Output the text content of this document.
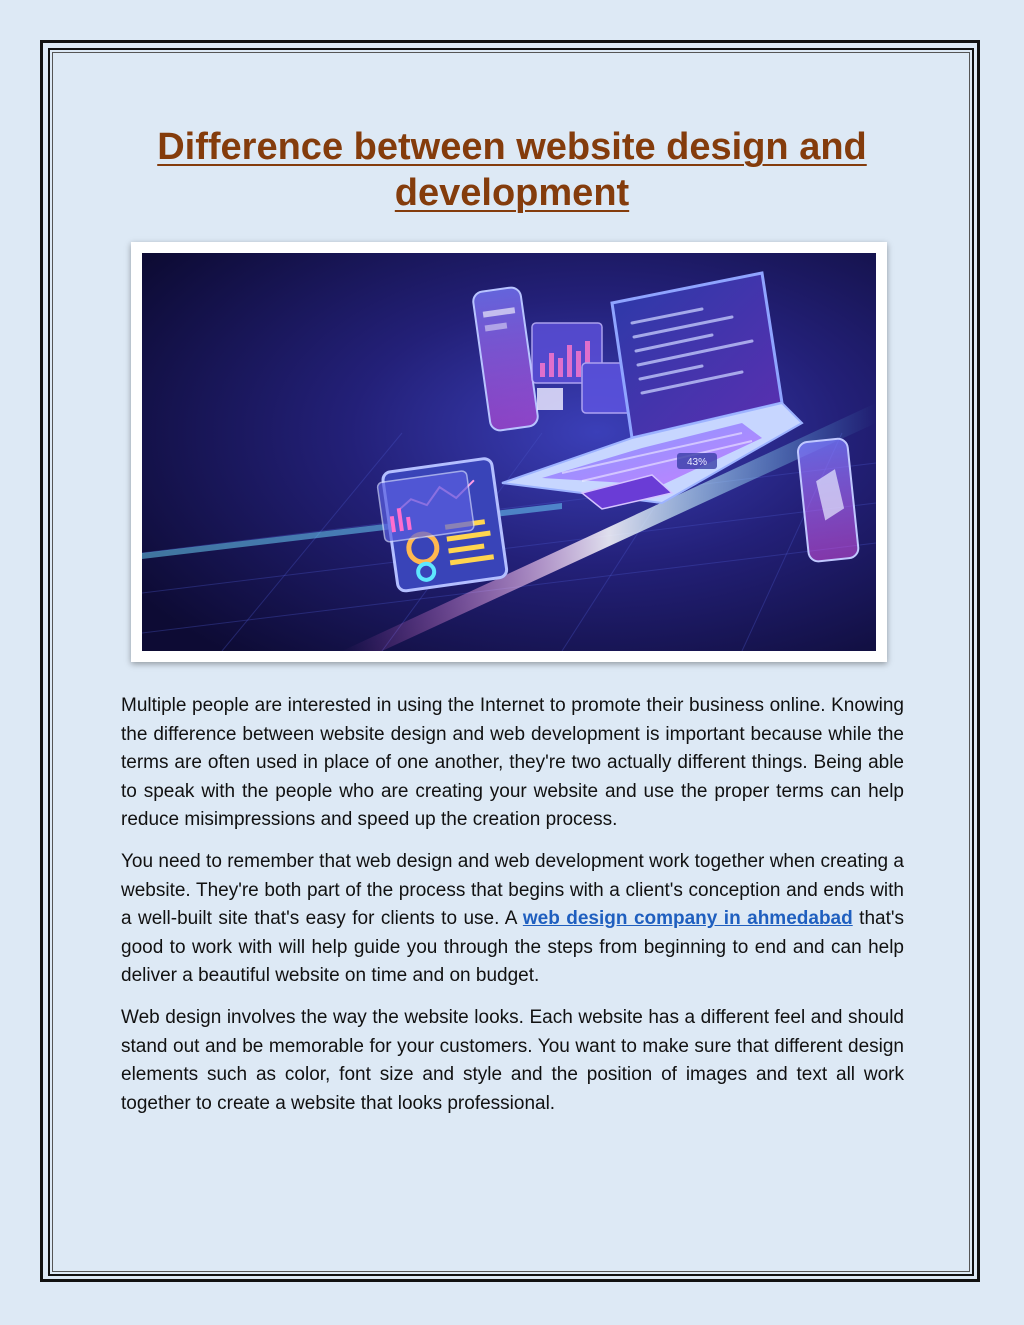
Difference between website design and development
43%

Multiple people are interested in using the Internet to promote their business online. Knowing the difference between website design and web development is important because while the terms are often used in place of one another, they're two actually different things. Being able to speak with the people who are creating your website and use the proper terms can help reduce misimpressions and speed up the creation process.

You need to remember that web design and web development work together when creating a website. They're both part of the process that begins with a client's conception and ends with a well-built site that's easy for clients to use. A web design company in ahmedabad that's good to work with will help guide you through the steps from beginning to end and can help deliver a beautiful website on time and on budget.

Web design involves the way the website looks. Each website has a different feel and should stand out and be memorable for your customers. You want to make sure that different design elements such as color, font size and style and the position of images and text all work together to create a website that looks professional.
